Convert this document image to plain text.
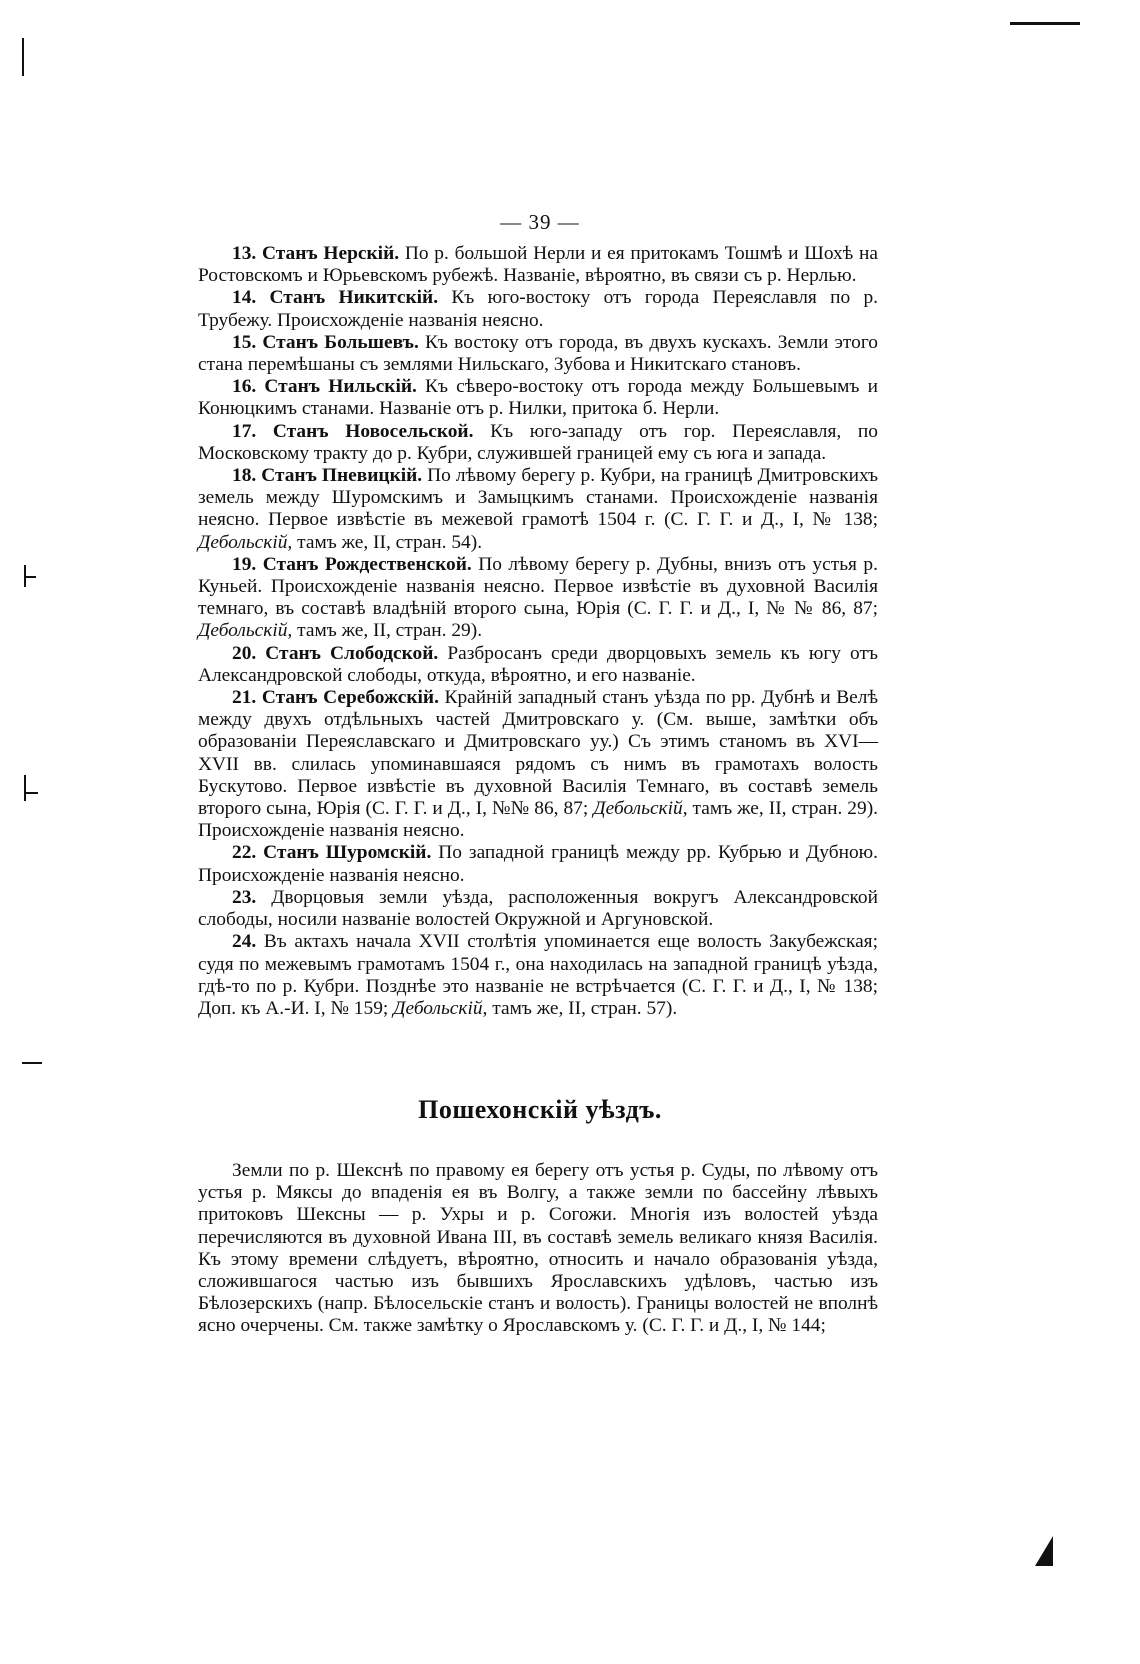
— 39 —

13. Станъ Нерскій. По р. большой Нерли и ея притокамъ Тошмѣ и Шохѣ на Ростовскомъ и Юрьевскомъ рубежѣ. Названіе, вѣроятно, въ связи съ р. Нерлью.

14. Станъ Никитскій. Къ юго-востоку отъ города Переяславля по р. Трубежу. Происхожденіе названія неясно.

15. Станъ Большевъ. Къ востоку отъ города, въ двухъ кускахъ. Земли этого стана перемѣшаны съ землями Нильскаго, Зубова и Никитскаго становъ.

16. Станъ Нильскій. Къ сѣверо-востоку отъ города между Большевымъ и Конюцкимъ станами. Названіе отъ р. Нилки, притока б. Нерли.

17. Станъ Новосельской. Къ юго-западу отъ гор. Переяславля, по Московскому тракту до р. Кубри, служившей границей ему съ юга и запада.

18. Станъ Пневицкій. По лѣвому берегу р. Кубри, на границѣ Дмитровскихъ земель между Шуромскимъ и Замыцкимъ станами. Происхожденіе названія неясно. Первое извѣстіе въ межевой грамотѣ 1504 г. (С. Г. Г. и Д., I, № 138; Дебольскій, тамъ же, II, стран. 54).

19. Станъ Рождественской. По лѣвому берегу р. Дубны, внизъ отъ устья р. Куньей. Происхожденіе названія неясно. Первое извѣстіе въ духовной Василія темнаго, въ составѣ владѣній второго сына, Юрія (С. Г. Г. и Д., I, № № 86, 87; Дебольскій, тамъ же, II, стран. 29).

20. Станъ Слободской. Разбросанъ среди дворцовыхъ земель къ югу отъ Александровской слободы, откуда, вѣроятно, и его названіе.

21. Станъ Серебожскій. Крайній западный станъ уѣзда по рр. Дубнѣ и Велѣ между двухъ отдѣльныхъ частей Дмитровскаго у. (См. выше, замѣтки объ образованіи Переяславскаго и Дмитровскаго уу.) Съ этимъ станомъ въ XVI—XVII вв. слилась упоминавшаяся рядомъ съ нимъ въ грамотахъ волость Бускутово. Первое извѣстіе въ духовной Василія Темнаго, въ составѣ земель второго сына, Юрія (С. Г. Г. и Д., I, №№ 86, 87; Дебольскій, тамъ же, II, стран. 29). Происхожденіе названія неясно.

22. Станъ Шуромскій. По западной границѣ между рр. Кубрью и Дубною. Происхожденіе названія неясно.

23. Дворцовыя земли уѣзда, расположенныя вокругъ Александровской слободы, носили названіе волостей Окружной и Аргуновской.

24. Въ актахъ начала XVII столѣтія упоминается еще волость Закубежская; судя по межевымъ грамотамъ 1504 г., она находилась на западной границѣ уѣзда, гдѣ-то по р. Кубри. Позднѣе это названіе не встрѣчается (С. Г. Г. и Д., I, № 138; Доп. къ А.-И. I, № 159; Дебольскій, тамъ же, II, стран. 57).

Пошехонскій уѣздъ.

Земли по р. Шекснѣ по правому ея берегу отъ устья р. Суды, по лѣвому отъ устья р. Мяксы до впаденія ея въ Волгу, а также земли по бассейну лѣвыхъ притоковъ Шексны — р. Ухры и р. Согожи. Многія изъ волостей уѣзда перечисляются въ духовной Ивана III, въ составѣ земель великаго князя Василія. Къ этому времени слѣдуетъ, вѣроятно, относить и начало образованія уѣзда, сложившагося частью изъ бывшихъ Ярославскихъ удѣловъ, частью изъ Бѣлозерскихъ (напр. Бѣлосельскіе станъ и волость). Границы волостей не вполнѣ ясно очерчены. См. также замѣтку о Ярославскомъ у. (С. Г. Г. и Д., I, № 144;
